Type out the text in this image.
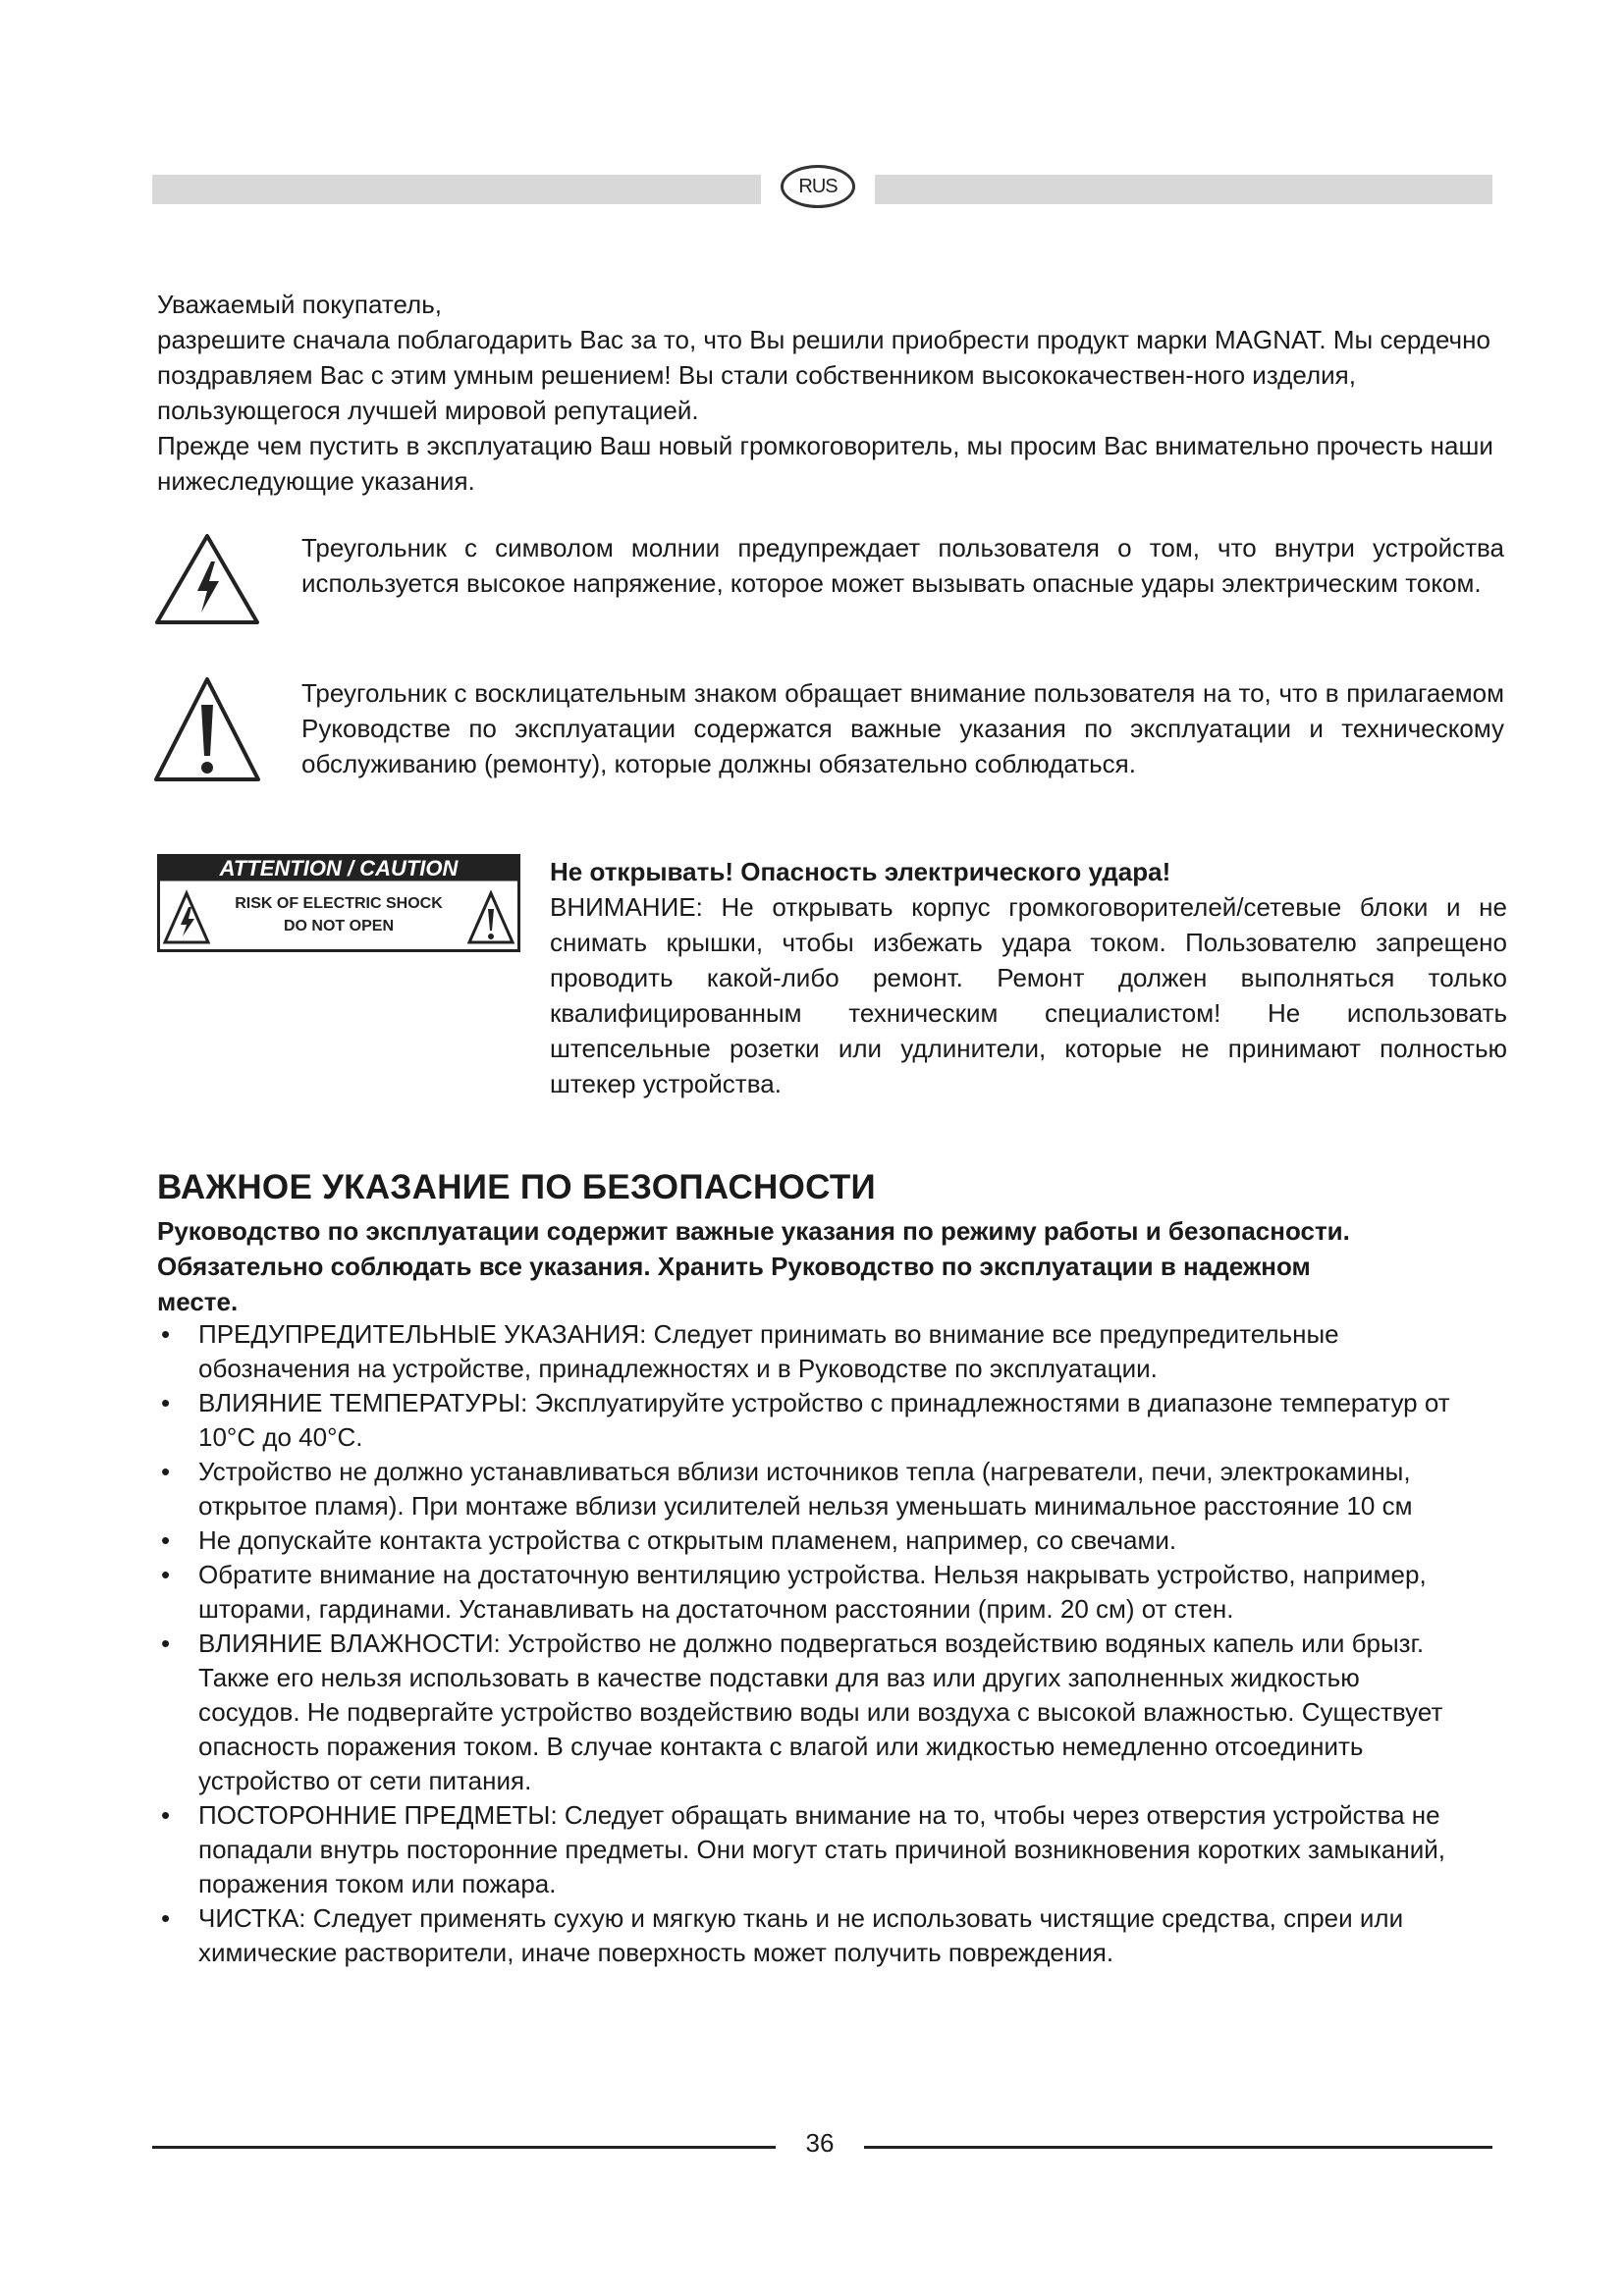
RUS

Уважаемый покупатель,

разрешите сначала поблагодарить Вас за то, что Вы решили приобрести продукт марки MAGNAT. Мы сердечно поздравляем Вас с этим умным решением! Вы стали собственником высококачествен-ного изделия, пользующегося лучшей мировой репутацией.

Прежде чем пустить в эксплуатацию Ваш новый громкоговоритель, мы просим Вас внимательно прочесть наши нижеследующие указания.

Треугольник с символом молнии предупреждает пользователя о том, что внутри устройства используется высокое напряжение, которое может вызывать опасные удары электрическим током.

Треугольник с восклицательным знаком обращает внимание пользователя на то, что в прилагаемом Руководстве по эксплуатации содержатся важные указания по эксплуатации и техническому обслуживанию (ремонту), которые должны обязательно соблюдаться.

ATTENTION / CAUTION
RISK OF ELECTRIC SHOCK
DO NOT OPEN

Не открывать! Опасность электрического удара!

ВНИМАНИЕ: Не открывать корпус громкоговорителей/сетевые блоки и не снимать крышки, чтобы избежать удара током. Пользователю запрещено проводить какой-либо ремонт. Ремонт должен выполняться только квалифицированным техническим специалистом! Не использовать штепсельные розетки или удлинители, которые не принимают полностью штекер устройства.

ВАЖНОЕ УКАЗАНИЕ ПО БЕЗОПАСНОСТИ

Руководство по эксплуатации содержит важные указания по режиму работы и безопасности. Обязательно соблюдать все указания. Хранить Руководство по эксплуатации в надежном месте.

• ПРЕДУПРЕДИТЕЛЬНЫЕ УКАЗАНИЯ: Следует принимать во внимание все предупредительные обозначения на устройстве, принадлежностях и в Руководстве по эксплуатации.
• ВЛИЯНИЕ ТЕМПЕРАТУРЫ: Эксплуатируйте устройство с принадлежностями в диапазоне температур от 10°C до 40°C.
• Устройство не должно устанавливаться вблизи источников тепла (нагреватели, печи, электрокамины, открытое пламя). При монтаже вблизи усилителей нельзя уменьшать минимальное расстояние 10 см
• Не допускайте контакта устройства с открытым пламенем, например, со свечами.
• Обратите внимание на достаточную вентиляцию устройства. Нельзя накрывать устройство, например, шторами, гардинами. Устанавливать на достаточном расстоянии (прим. 20 см) от стен.
• ВЛИЯНИЕ ВЛАЖНОСТИ: Устройство не должно подвергаться воздействию водяных капель или брызг. Также его нельзя использовать в качестве подставки для ваз или других заполненных жидкостью сосудов. Не подвергайте устройство воздействию воды или воздуха с высокой влажностью. Существует опасность поражения током. В случае контакта с влагой или жидкостью немедленно отсоединить устройство от сети питания.
• ПОСТОРОННИЕ ПРЕДМЕТЫ: Следует обращать внимание на то, чтобы через отверстия устройства не попадали внутрь посторонние предметы. Они могут стать причиной возникновения коротких замыканий, поражения током или пожара.
• ЧИСТКА: Следует применять сухую и мягкую ткань и не использовать чистящие средства, спреи или химические растворители, иначе поверхность может получить повреждения.
36
